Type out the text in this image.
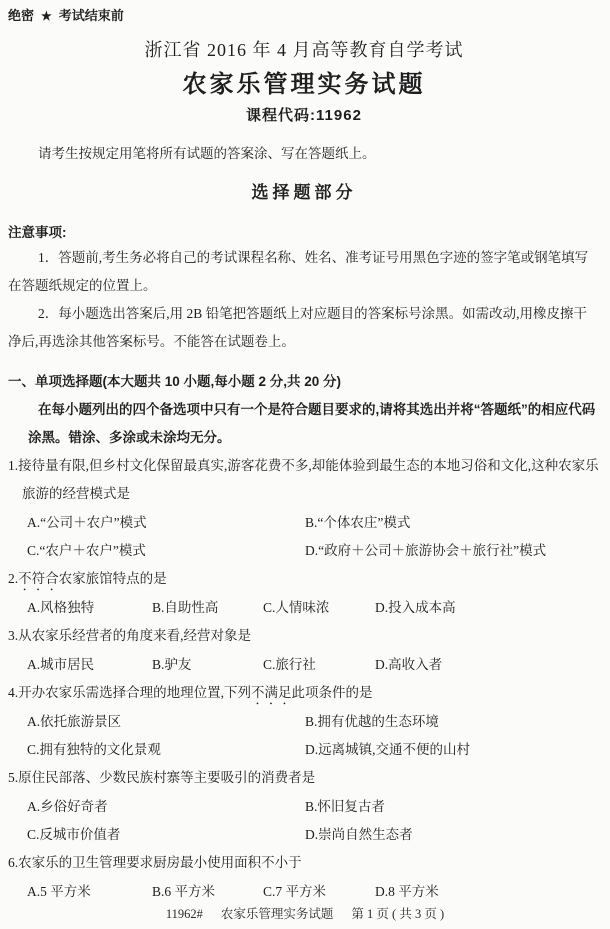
绝密 ★ 考试结束前
浙江省 2016 年 4 月高等教育自学考试
农家乐管理实务试题
课程代码:11962
请考生按规定用笔将所有试题的答案涂、写在答题纸上。
选择题部分
注意事项:
1．答题前,考生务必将自己的考试课程名称、姓名、准考证号用黑色字迹的签字笔或钢笔填写在答题纸规定的位置上。
2．每小题选出答案后,用 2B 铅笔把答题纸上对应题目的答案标号涂黑。如需改动,用橡皮擦干净后,再选涂其他答案标号。不能答在试题卷上。
一、单项选择题(本大题共 10 小题,每小题 2 分,共 20 分)
在每小题列出的四个备选项中只有一个是符合题目要求的,请将其选出并将“答题纸”的相应代码涂黑。错涂、多涂或未涂均无分。
1.接待量有限,但乡村文化保留最真实,游客花费不多,却能体验到最生态的本地习俗和文化,这种农家乐旅游的经营模式是
A.“公司＋农户”模式	B.“个体农庄”模式
C.“农户＋农户”模式	D.“政府＋公司＋旅游协会＋旅行社”模式
2.不符合农家旅馆特点的是
A.风格独特	B.自助性高	C.人情味浓	D.投入成本高
3.从农家乐经营者的角度来看,经营对象是
A.城市居民	B.驴友	C.旅行社	D.高收入者
4.开办农家乐需选择合理的地理位置,下列不满足此项条件的是
A.依托旅游景区	B.拥有优越的生态环境
C.拥有独特的文化景观	D.远离城镇,交通不便的山村
5.原住民部落、少数民族村寨等主要吸引的消费者是
A.乡俗好奇者	B.怀旧复古者
C.反城市价值者	D.崇尚自然生态者
6.农家乐的卫生管理要求厨房最小使用面积不小于
A.5 平方米	B.6 平方米	C.7 平方米	D.8 平方米
11962# 农家乐管理实务试题 第 1 页 ( 共 3 页 )
